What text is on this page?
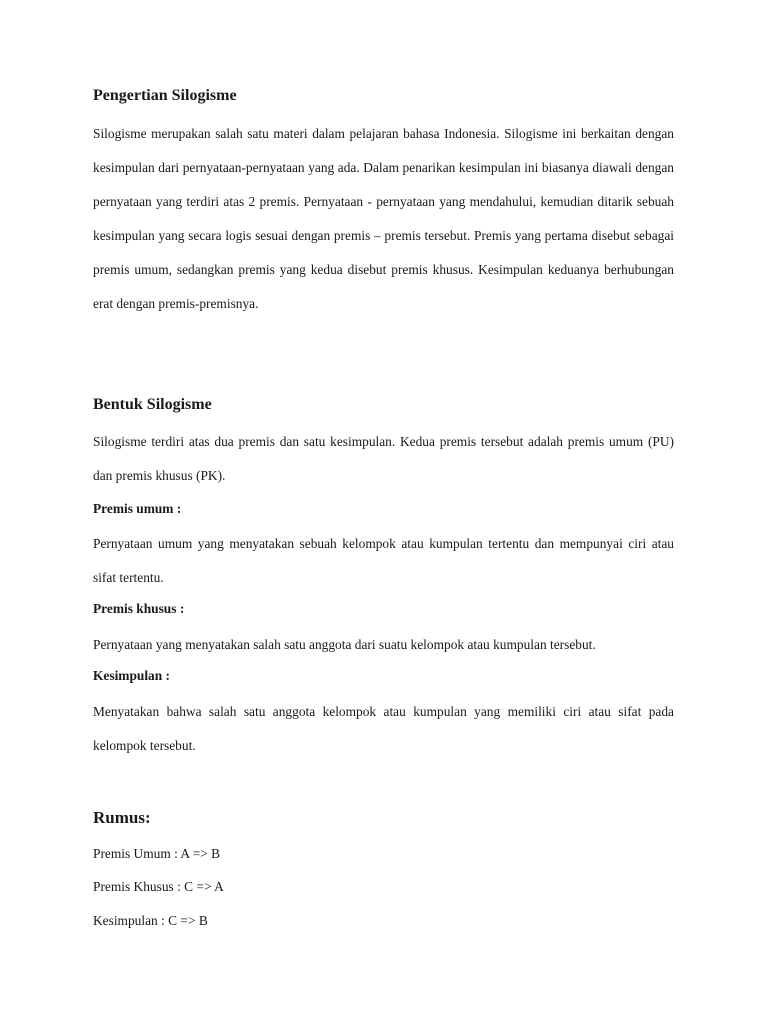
Pengertian Silogisme

Silogisme merupakan salah satu materi dalam pelajaran bahasa Indonesia. Silogisme ini berkaitan dengan kesimpulan dari pernyataan-pernyataan yang ada. Dalam penarikan kesimpulan ini biasanya diawali dengan pernyataan yang terdiri atas 2 premis. Pernyataan - pernyataan yang mendahului, kemudian ditarik sebuah kesimpulan yang secara logis sesuai dengan premis – premis tersebut. Premis yang pertama disebut sebagai premis umum, sedangkan premis yang kedua disebut premis khusus. Kesimpulan keduanya berhubungan erat dengan premis-premisnya.

Bentuk Silogisme

Silogisme terdiri atas dua premis dan satu kesimpulan. Kedua premis tersebut adalah premis umum (PU) dan premis khusus (PK).

Premis umum :

Pernyataan umum yang menyatakan sebuah kelompok atau kumpulan tertentu dan mempunyai ciri atau sifat tertentu.

Premis khusus :

Pernyataan yang menyatakan salah satu anggota dari suatu kelompok atau kumpulan tersebut.

Kesimpulan :

Menyatakan bahwa salah satu anggota kelompok atau kumpulan yang memiliki ciri atau sifat pada kelompok tersebut.

Rumus:
Premis Umum : A => B
Premis Khusus : C => A
Kesimpulan : C => B
